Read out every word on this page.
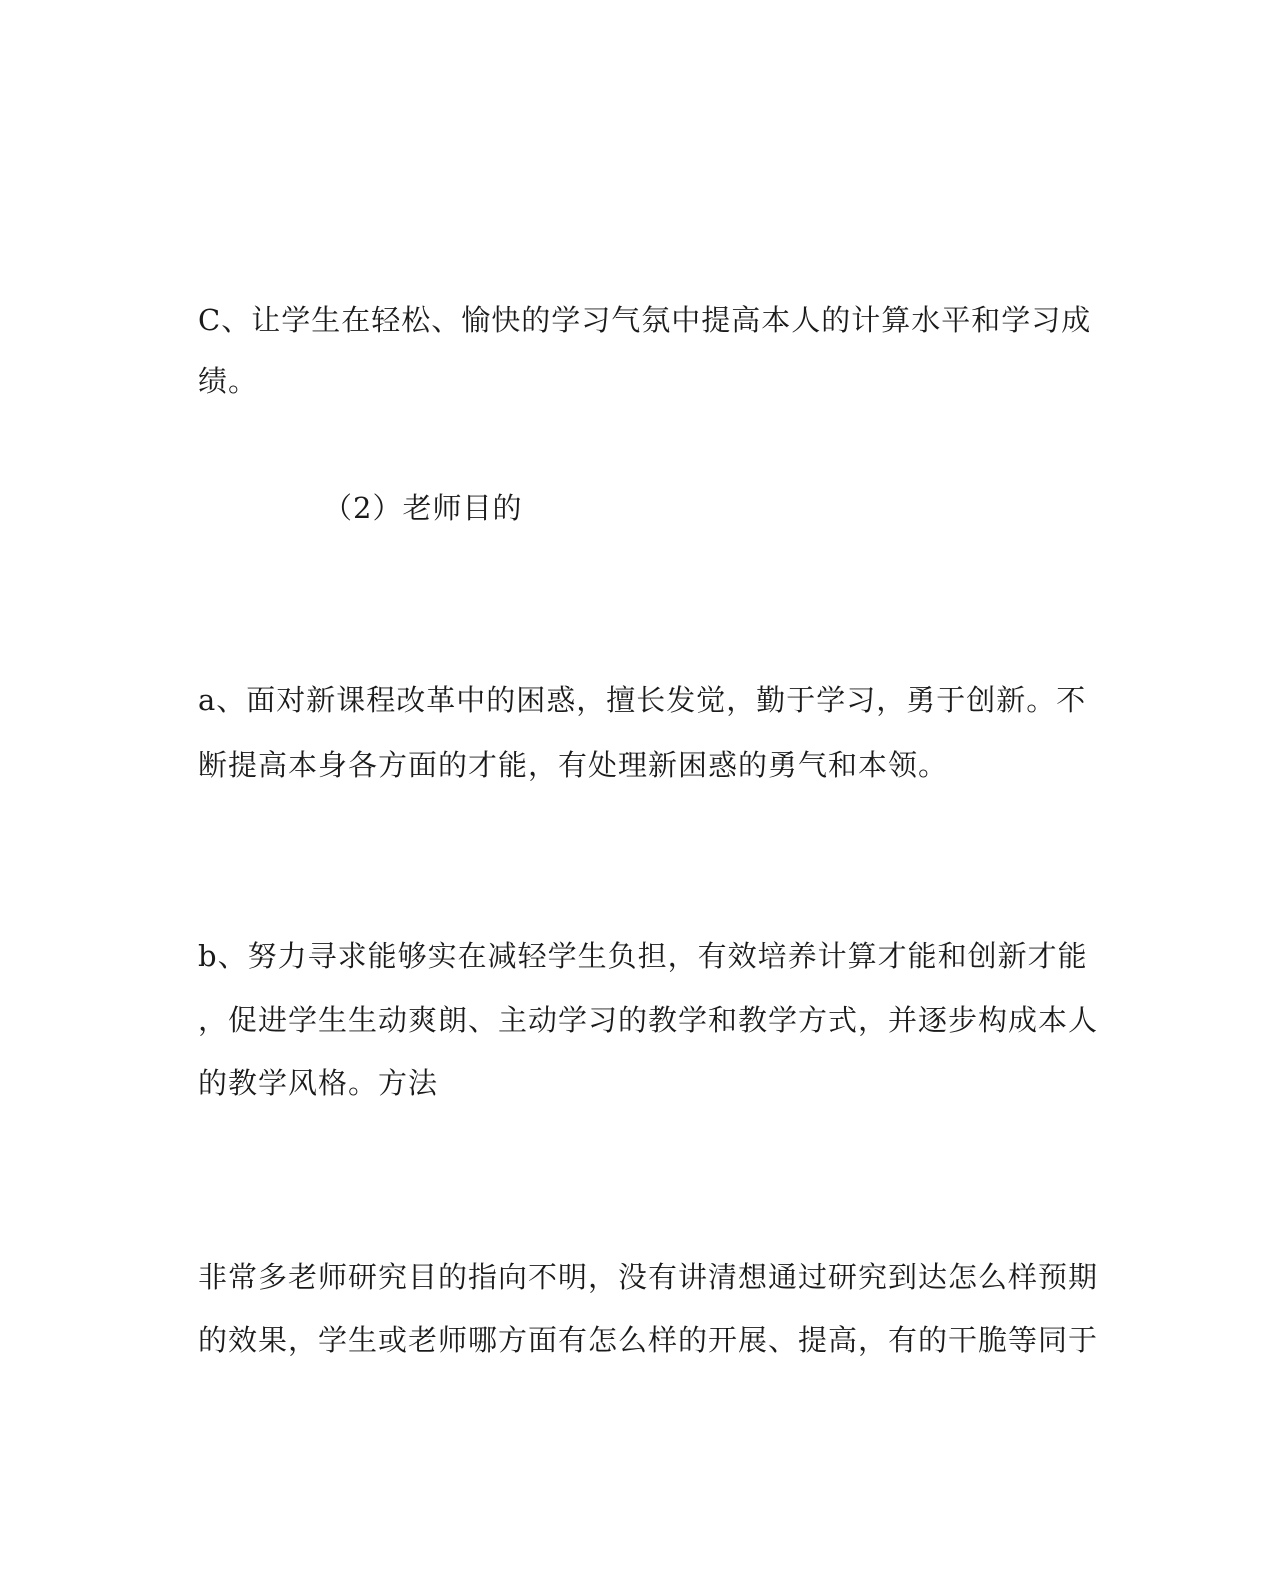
C、让学生在轻松、愉快的学习气氛中提高本人的计算水平和学习成
绩。
（2）老师目的
a、面对新课程改革中的困惑，擅长发觉，勤于学习，勇于创新。不
断提高本身各方面的才能，有处理新困惑的勇气和本领。
b、努力寻求能够实在减轻学生负担，有效培养计算才能和创新才能
，促进学生生动爽朗、主动学习的教学和教学方式，并逐步构成本人
的教学风格。方法
非常多老师研究目的指向不明，没有讲清想通过研究到达怎么样预期
的效果，学生或老师哪方面有怎么样的开展、提高，有的干脆等同于
